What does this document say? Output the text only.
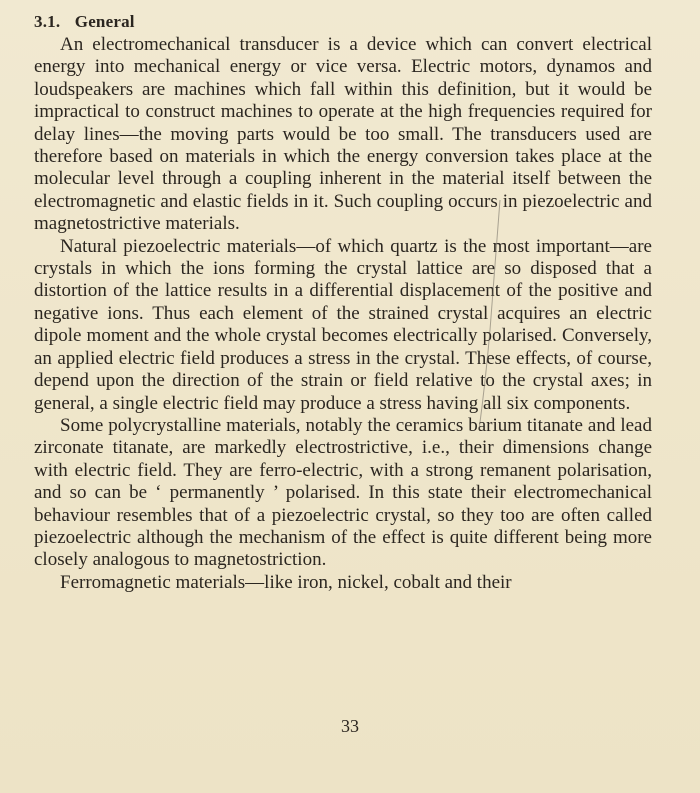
3.1. General

An electromechanical transducer is a device which can convert electrical energy into mechanical energy or vice versa. Electric motors, dynamos and loudspeakers are machines which fall within this definition, but it would be impractical to construct machines to operate at the high frequencies required for delay lines—the moving parts would be too small. The transducers used are therefore based on materials in which the energy conversion takes place at the molecular level through a coupling inherent in the material itself between the electromagnetic and elastic fields in it. Such coupling occurs in piezoelectric and magnetostrictive materials.

Natural piezoelectric materials—of which quartz is the most important—are crystals in which the ions forming the crystal lattice are so disposed that a distortion of the lattice results in a differential displacement of the positive and negative ions. Thus each element of the strained crystal acquires an electric dipole moment and the whole crystal becomes electrically polarised. Conversely, an applied electric field produces a stress in the crystal. These effects, of course, depend upon the direction of the strain or field relative to the crystal axes; in general, a single electric field may produce a stress having all six components.

Some polycrystalline materials, notably the ceramics barium titanate and lead zirconate titanate, are markedly electrostrictive, i.e., their dimensions change with electric field. They are ferro-electric, with a strong remanent polarisation, and so can be ‘ permanently ’ polarised. In this state their electromechanical behaviour resembles that of a piezoelectric crystal, so they too are often called piezoelectric although the mechanism of the effect is quite different being more closely analogous to magnetostriction.

Ferromagnetic materials—like iron, nickel, cobalt and their

33
